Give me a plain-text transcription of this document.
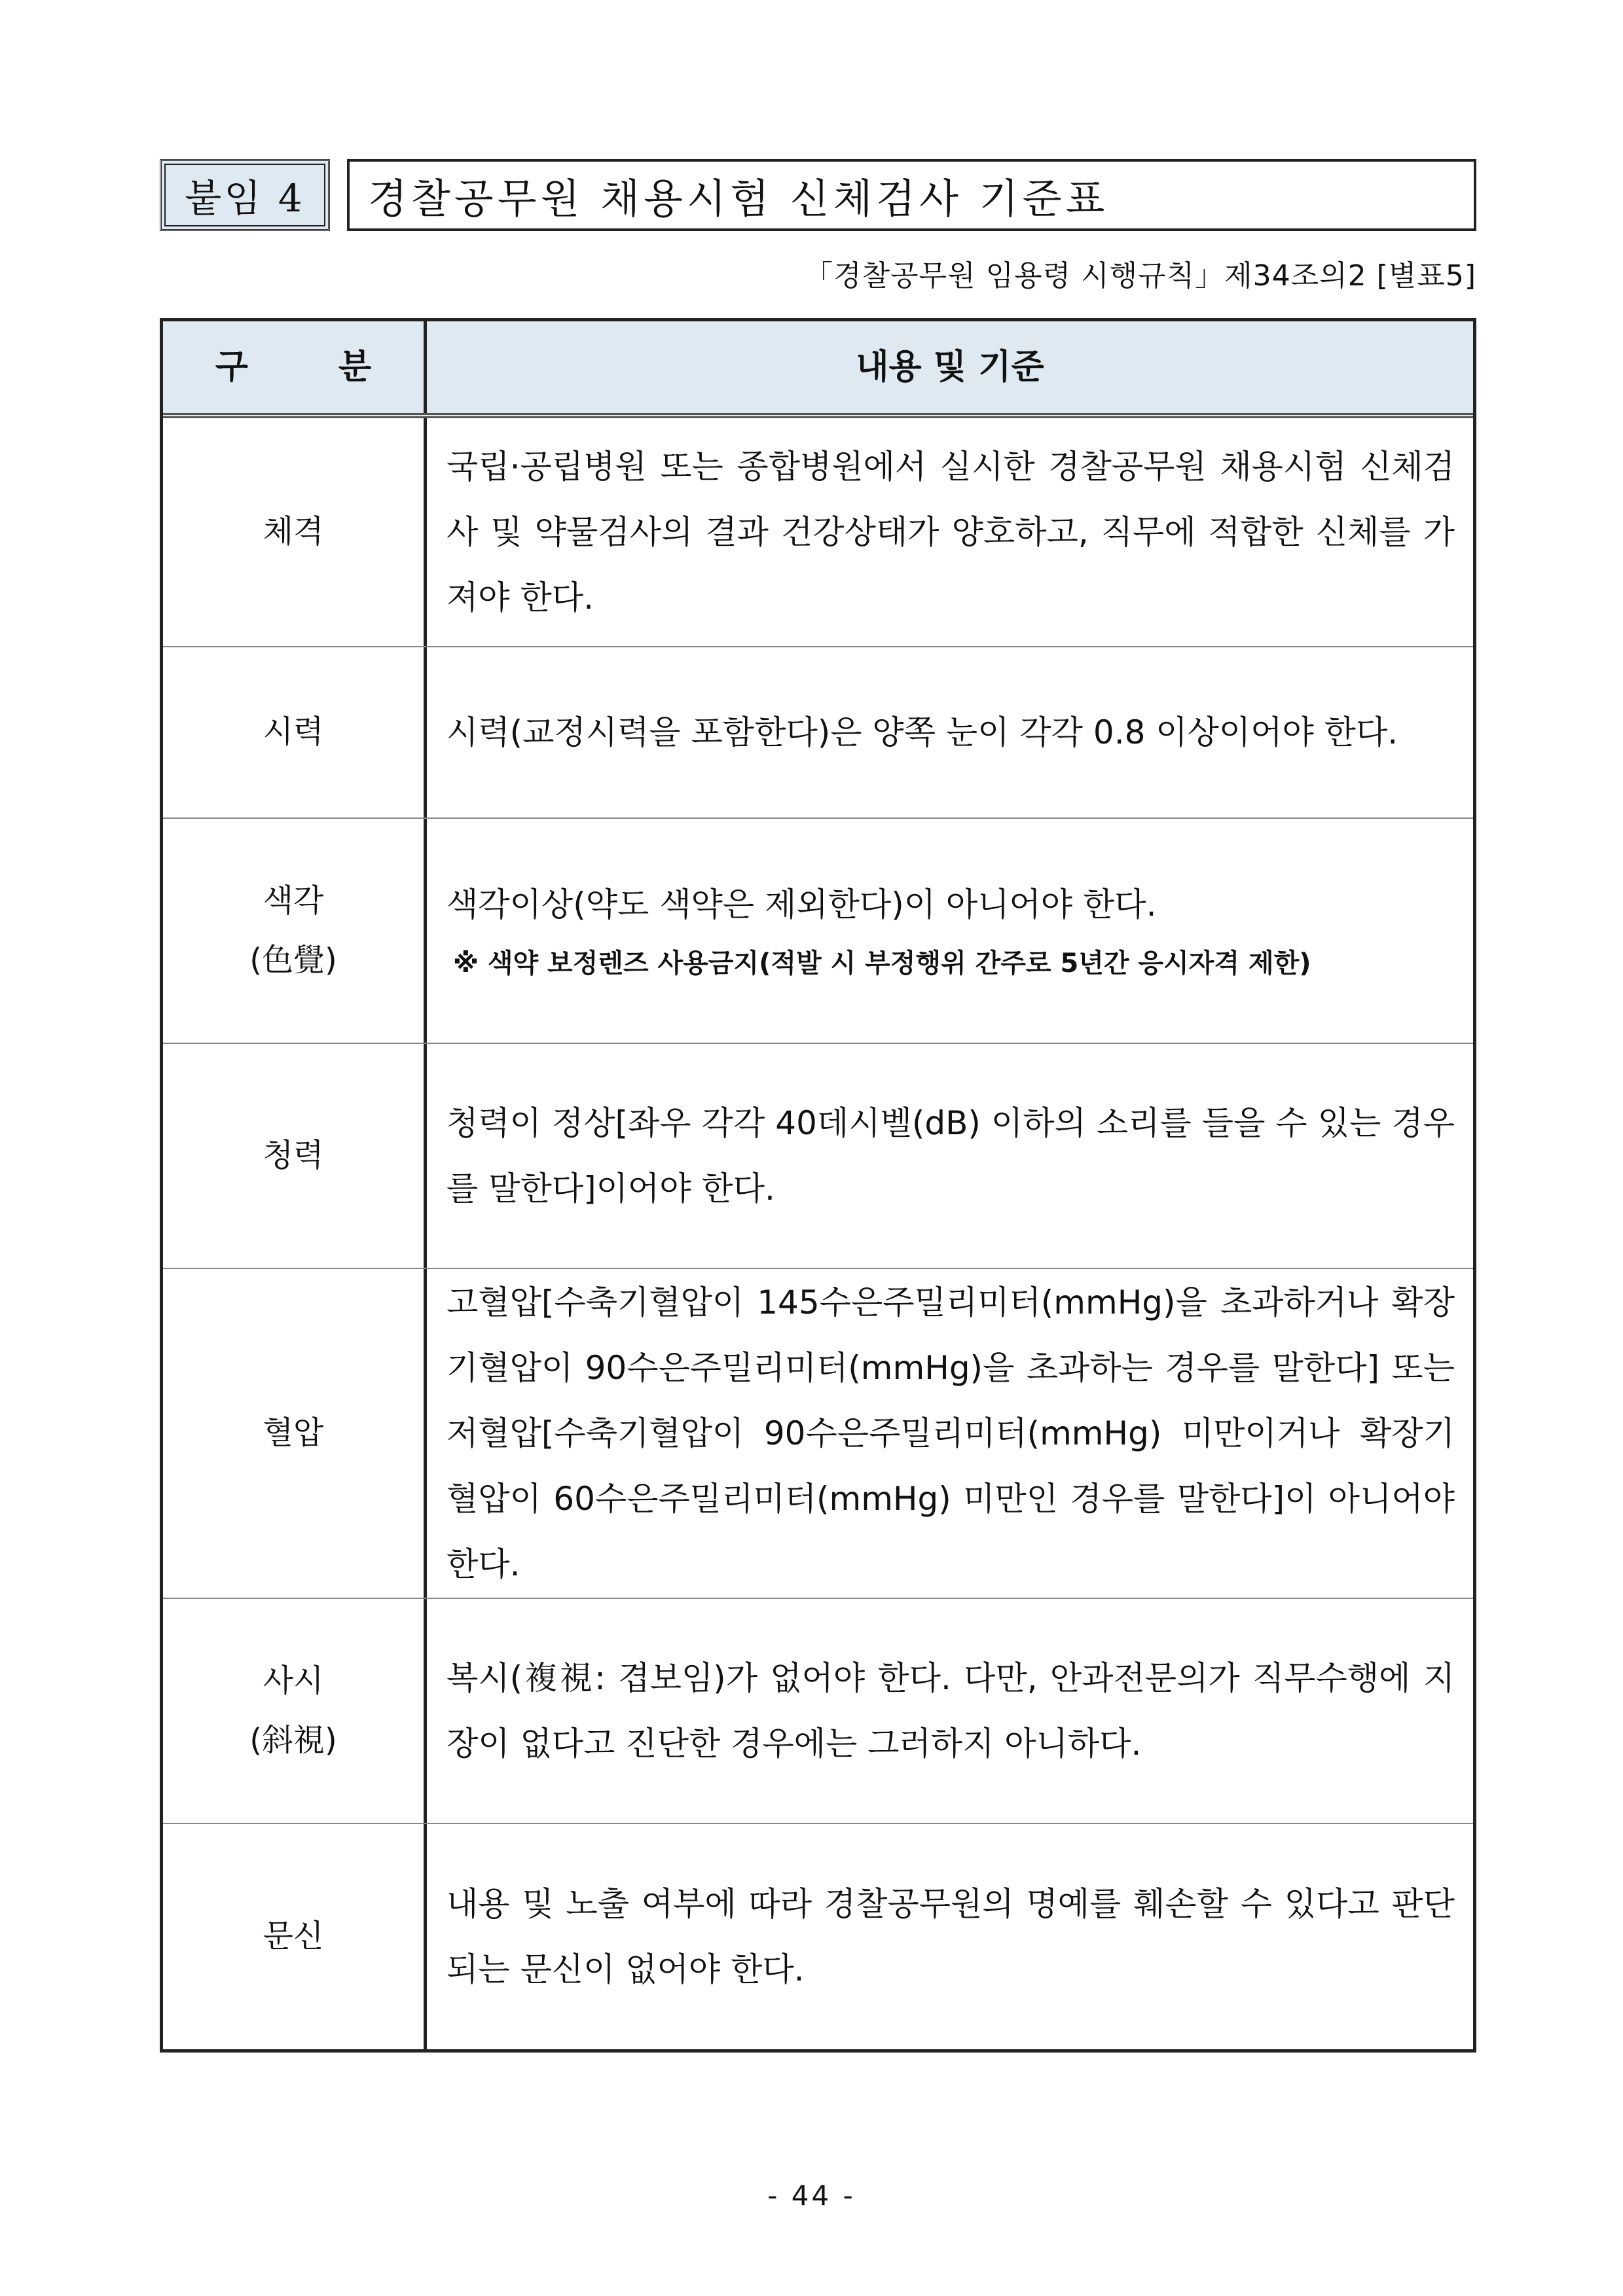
붙임 4 경찰공무원 채용시험 신체검사 기준표
「경찰공무원 임용령 시행규칙」제34조의2 [별표5]
구 분	내용 및 기준
체격
국립·공립병원 또는 종합병원에서 실시한 경찰공무원 채용시험 신체검사 및 약물검사의 결과 건강상태가 양호하고, 직무에 적합한 신체를 가져야 한다.
시력	시력(교정시력을 포함한다)은 양쪽 눈이 각각 0.8 이상이어야 한다.
색각
(色覺)
색각이상(약도 색약은 제외한다)이 아니어야 한다.
※ 색약 보정렌즈 사용금지(적발 시 부정행위 간주로 5년간 응시자격 제한)
청력
청력이 정상[좌우 각각 40데시벨(dB) 이하의 소리를 들을 수 있는 경우를 말한다]이어야 한다.
혈압
고혈압[수축기혈압이 145수은주밀리미터(mmHg)을 초과하거나 확장기혈압이 90수은주밀리미터(mmHg)을 초과하는 경우를 말한다] 또는 저혈압[수축기혈압이 90수은주밀리미터(mmHg) 미만이거나 확장기혈압이 60수은주밀리미터(mmHg) 미만인 경우를 말한다]이 아니어야 한다.
사시
(斜視)
복시(複視: 겹보임)가 없어야 한다. 다만, 안과전문의가 직무수행에 지장이 없다고 진단한 경우에는 그러하지 아니하다.
문신
내용 및 노출 여부에 따라 경찰공무원의 명예를 훼손할 수 있다고 판단되는 문신이 없어야 한다.
- 44 -
